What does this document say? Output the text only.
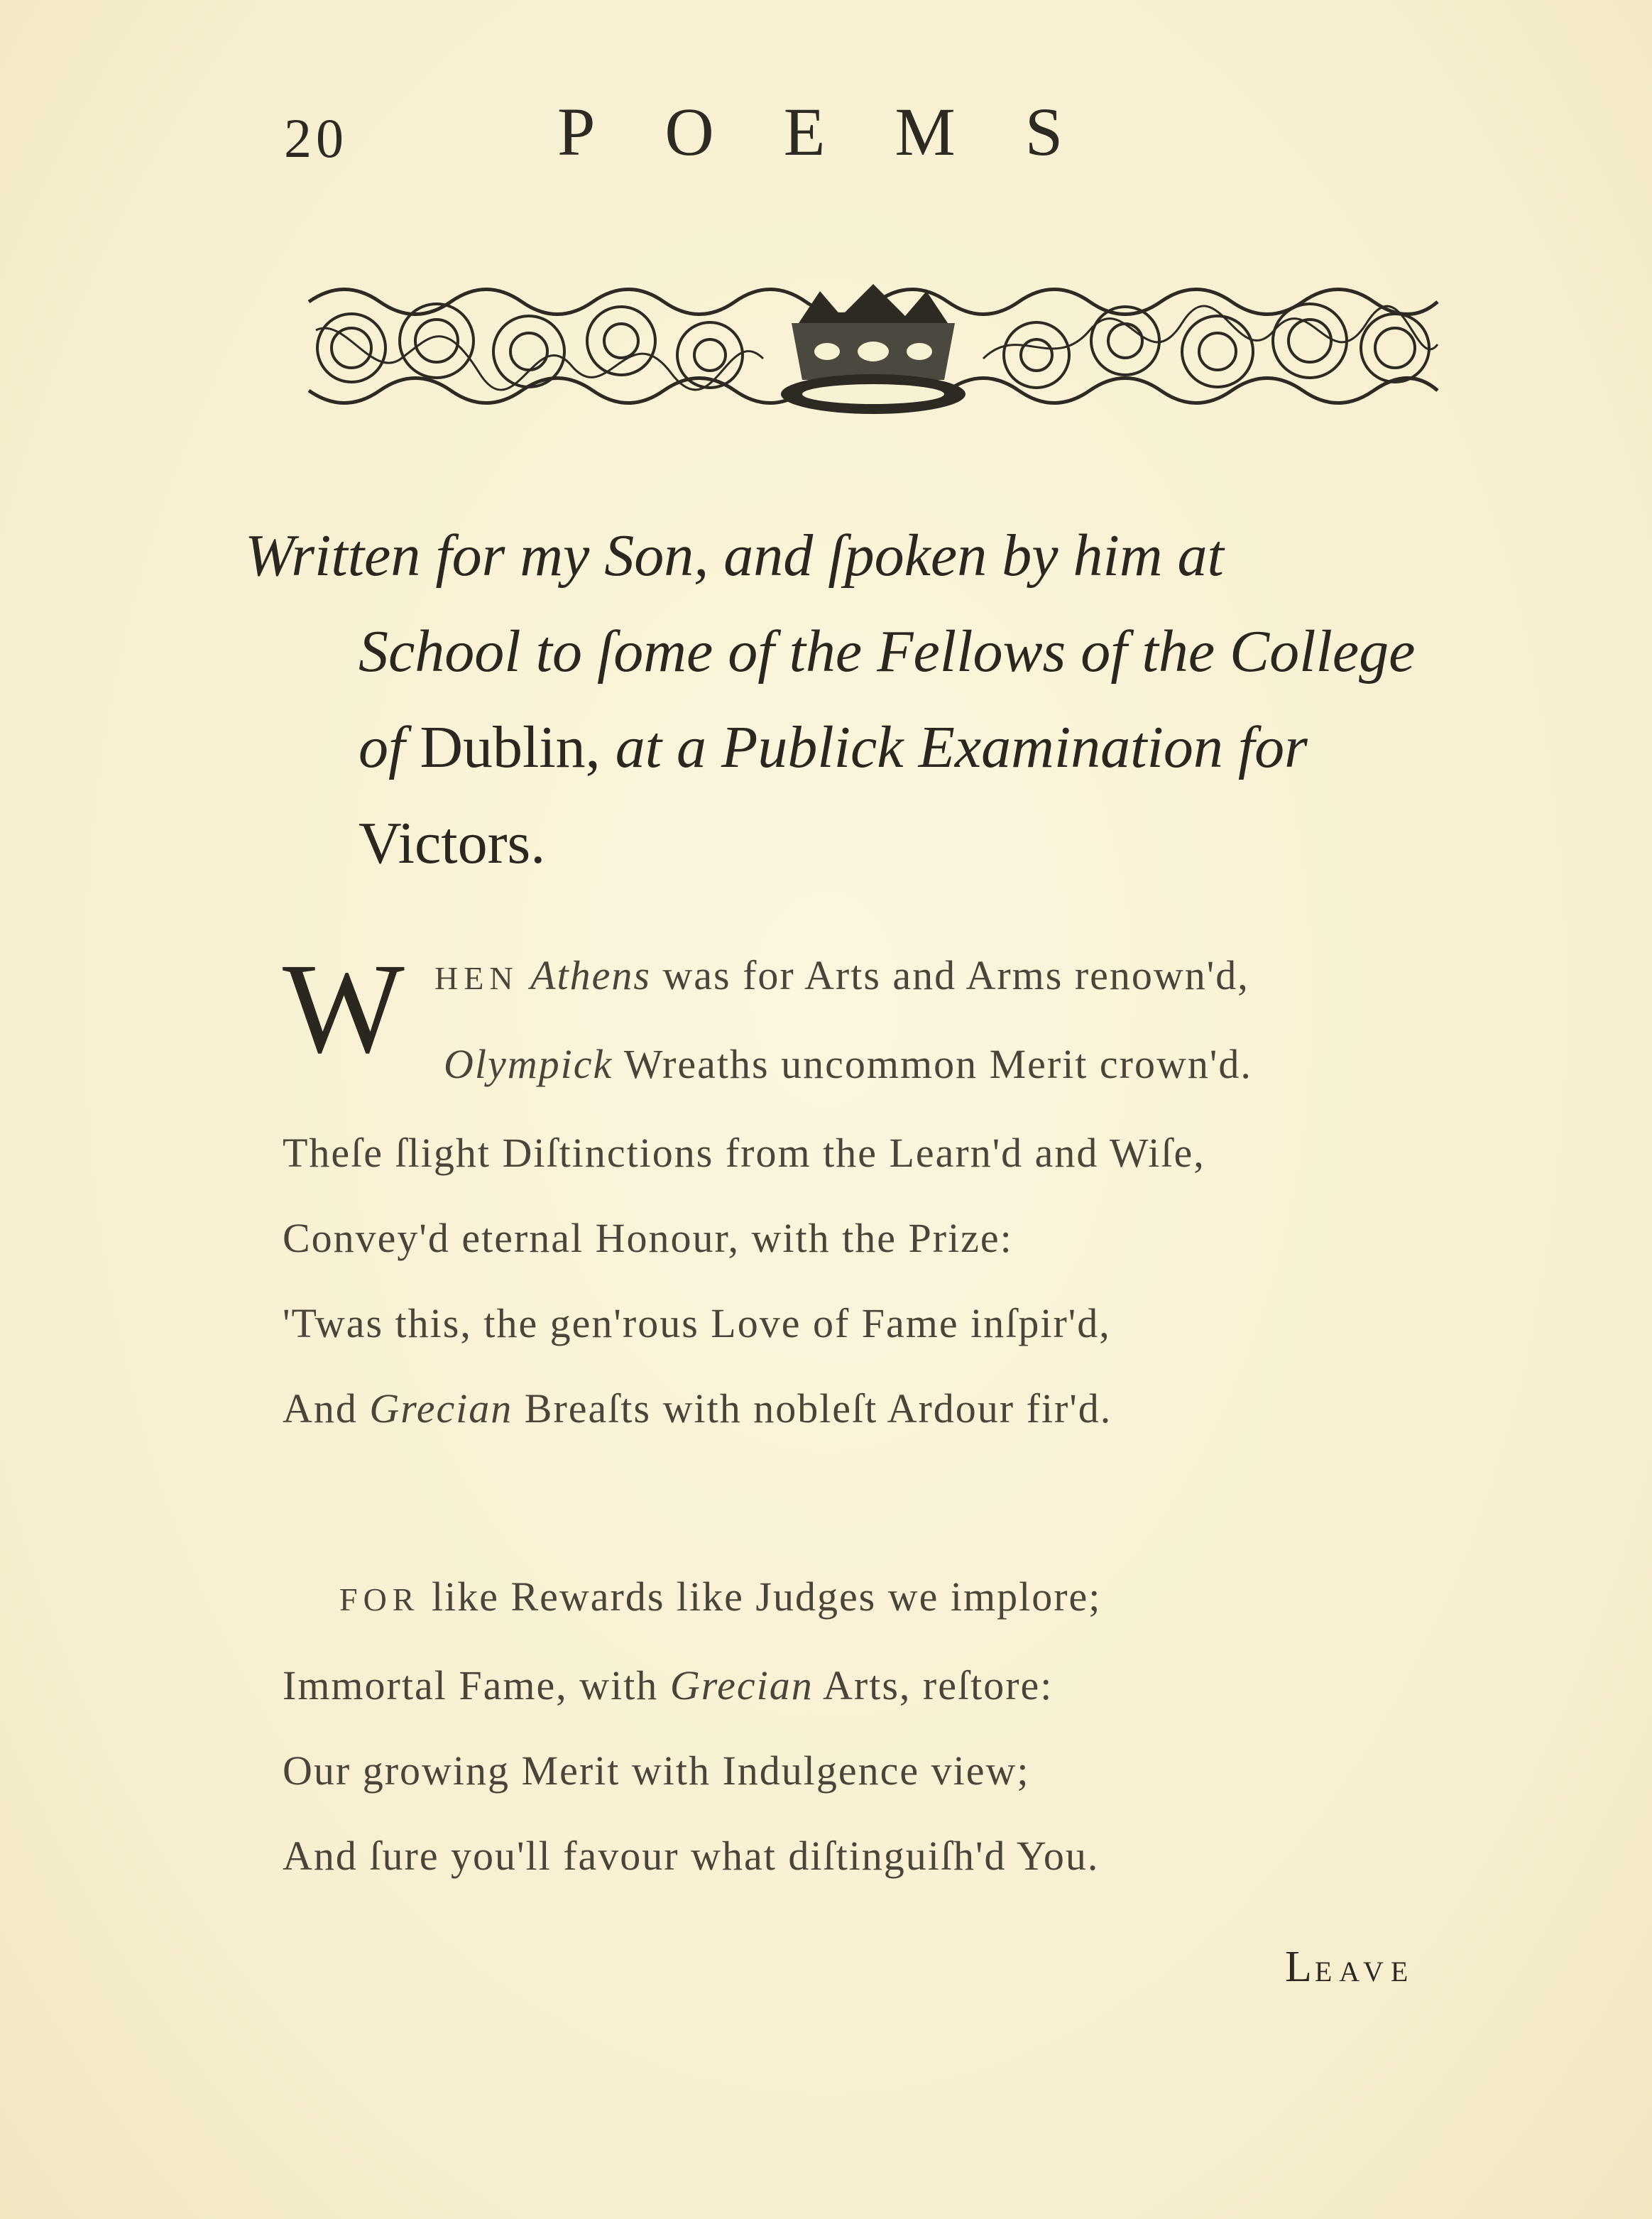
20	POEMS
Written for my Son, and ſpoken by him at
School to ſome of the Fellows of the College
of Dublin, at a Publick Examination for
Victors.
W HEN Athens was for Arts and Arms renown'd,
Olympick Wreaths uncommon Merit crown'd.
Theſe ſlight Diſtinctions from the Learn'd and Wiſe,
Convey'd eternal Honour, with the Prize:
'Twas this, the gen'rous Love of Fame inſpir'd,
And Grecian Breaſts with nobleſt Ardour fir'd.
FOR like Rewards like Judges we implore;
Immortal Fame, with Grecian Arts, reſtore:
Our growing Merit with Indulgence view;
And ſure you'll favour what diſtinguiſh'd You.
LEAVE
